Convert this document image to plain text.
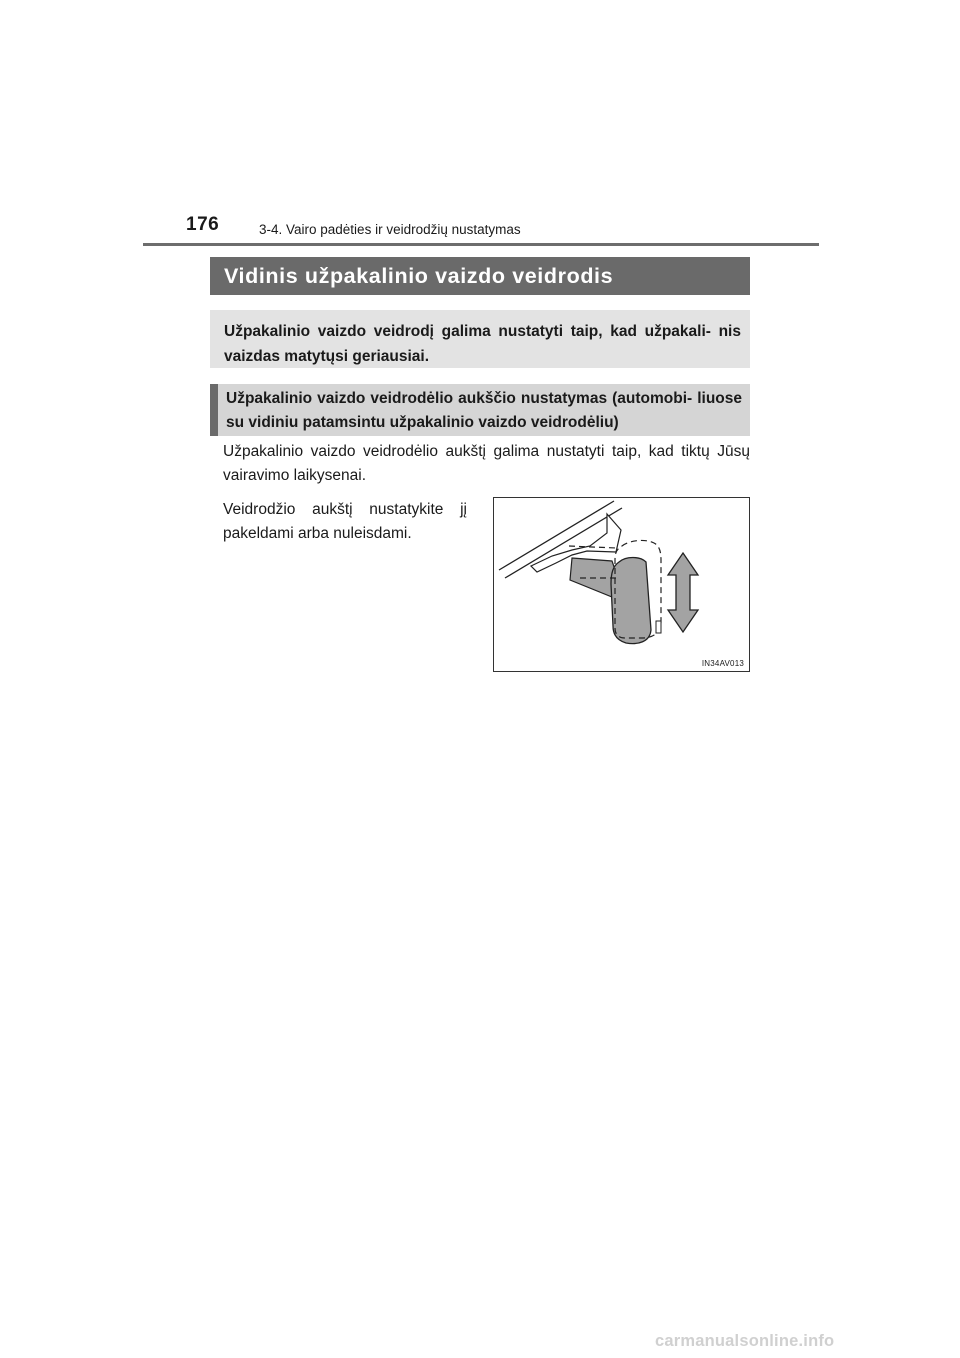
176	3-4. Vairo padėties ir veidrodžių nustatymas
Vidinis užpakalinio vaizdo veidrodis
Užpakalinio vaizdo veidrodį galima nustatyti taip, kad užpakali- nis vaizdas matytųsi geriausiai.
Užpakalinio vaizdo veidrodėlio aukščio nustatymas (automobi- liuose su vidiniu patamsintu užpakalinio vaizdo veidrodėliu)
Užpakalinio vaizdo veidrodėlio aukštį galima nustatyti taip, kad tiktų Jūsų vairavimo laikysenai.
Veidrodžio aukštį nustatykite jį pakeldami arba nuleisdami.
IN34AV013
carmanualsonline.info
